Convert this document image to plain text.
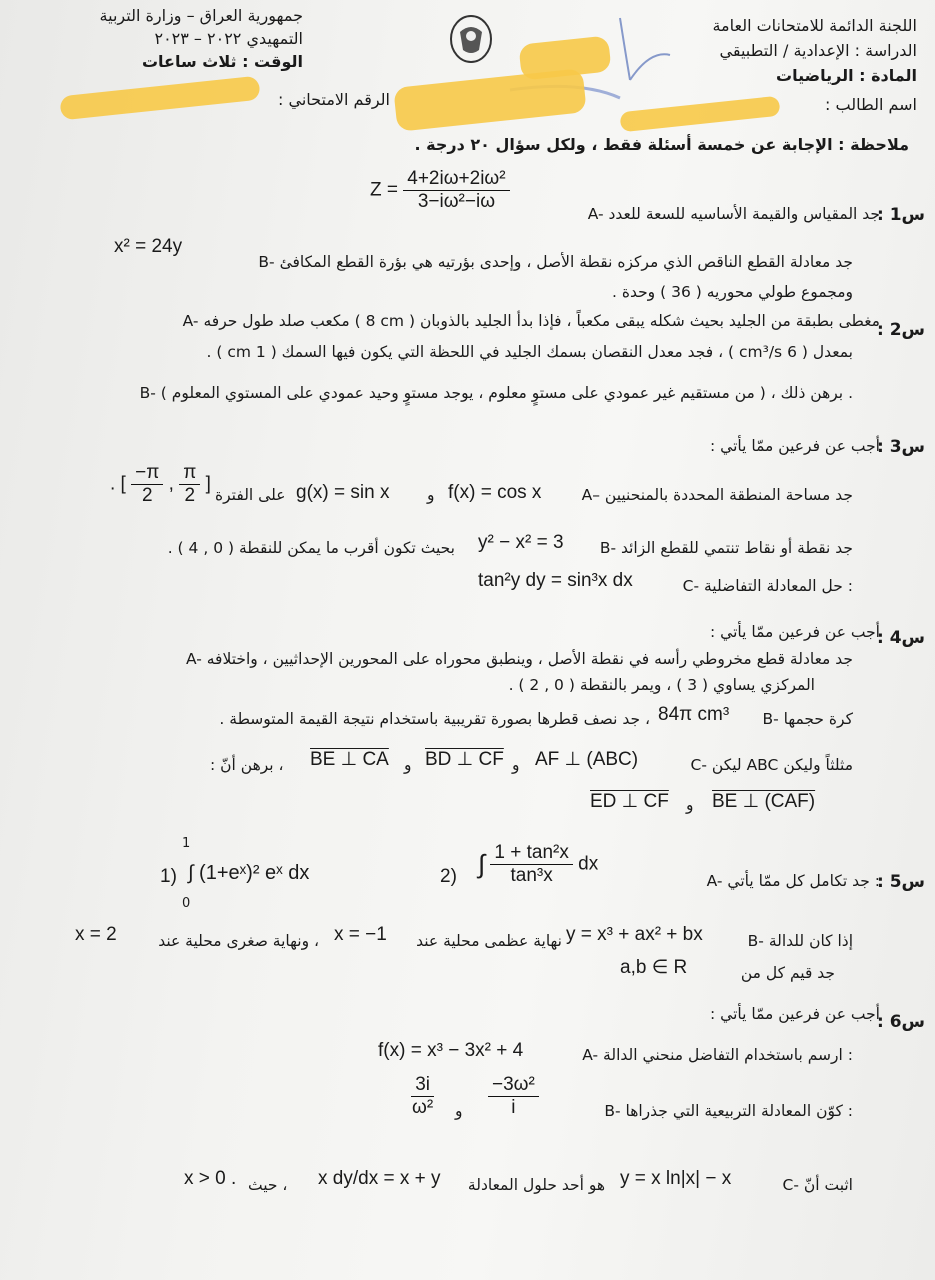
جمهورية العراق – وزارة التربية
التمهيدي ٢٠٢٢ – ٢٠٢٣
الوقت : ثلاث ساعات
الرقم الامتحاني :
اللجنة الدائمة للامتحانات العامة
الدراسة : الإعدادية / التطبيقي
المادة : الرياضيات
اسم الطالب :
ملاحظة : الإجابة عن خمسة أسئلة فقط ، ولكل سؤال ٢٠ درجة .
س1 :
A- جد المقياس والقيمة الأساسيه للسعة للعدد
$Z = \frac{\text{4+2iω+2iω²}}{\text{3−iω²−iω}}$
B- جد معادلة القطع الناقص الذي مركزه نقطة الأصل ، وإحدى بؤرتيه هي بؤرة القطع المكافئ
x² = 24y
ومجموع طولي محوريه ( 36 ) وحدة .
س2 :
A- مكعب صلد طول حرفه ( 8 cm ) مغطى بطبقة من الجليد بحيث شكله يبقى مكعباً ، فإذا بدأ الجليد بالذوبان
بمعدل ( 6 cm³/s ) ، فجد معدل النقصان بسمك الجليد في اللحظة التي يكون فيها السمك ( 1 cm ) .
B- ( من مستقيم غير عمودي على مستوٍ معلوم ، يوجد مستوٍ وحيد عمودي على المستوي المعلوم ) ، برهن ذلك .
س3 :
أجب عن فرعين ممّا يأتي :
A– جد مساحة المنطقة المحددة بالمنحنيين
f(x) = cos x
و
g(x) = sin x
على الفترة
. [ $\frac{-\pi}{2}$ , $\frac{\pi}{2}$ ]
B- جد نقطة أو نقاط تنتمي للقطع الزائد
y² − x² = 3
بحيث تكون أقرب ما يمكن للنقطة ( 0 , 4 ) .
C- حل المعادلة التفاضلية :
tan²y dy = sin³x dx
س4 :
أجب عن فرعين ممّا يأتي :
A- جد معادلة قطع مخروطي رأسه في نقطة الأصل ، وينطبق محوراه على المحورين الإحداثيين ، واختلافه
المركزي يساوي ( 3 ) ، ويمر بالنقطة ( 0 , 2 ) .
B- كرة حجمها
84π cm³
، جد نصف قطرها بصورة تقريبية باستخدام نتيجة القيمة المتوسطة .
C- ليكن ABC مثلثاً وليكن
AF ⊥ (ABC)
و
BD ⊥ CF
و
BE ⊥ CA
، برهن أنّ :
BE ⊥ (CAF)
و
ED ⊥ CF
س5 :
A- جد تكامل كل ممّا يأتي :
1)
1
∫ (1+eˣ)² eˣ dx
0
2) ∫ $\frac{\text{1 + tan²x}}{\text{tan³x}}$ dx
B- إذا كان للدالة
y = x³ + ax² + bx
نهاية عظمى محلية عند
x = −1
، ونهاية صغرى محلية عند
x = 2
جد قيم كل من
a,b ∈ R
س6 :
أجب عن فرعين ممّا يأتي :
A- ارسم باستخدام التفاضل منحني الدالة :
f(x) = x³ − 3x² + 4
B- كوّن المعادلة التربيعية التي جذراها :
$\frac{\text{−3ω²}}{i}$
و
$\frac{3i}{\text{ω²}}$
C- اثبت أنّ
y = x ln|x| − x
هو أحد حلول المعادلة
x dy/dx = x + y
، حيث
x > 0 .
